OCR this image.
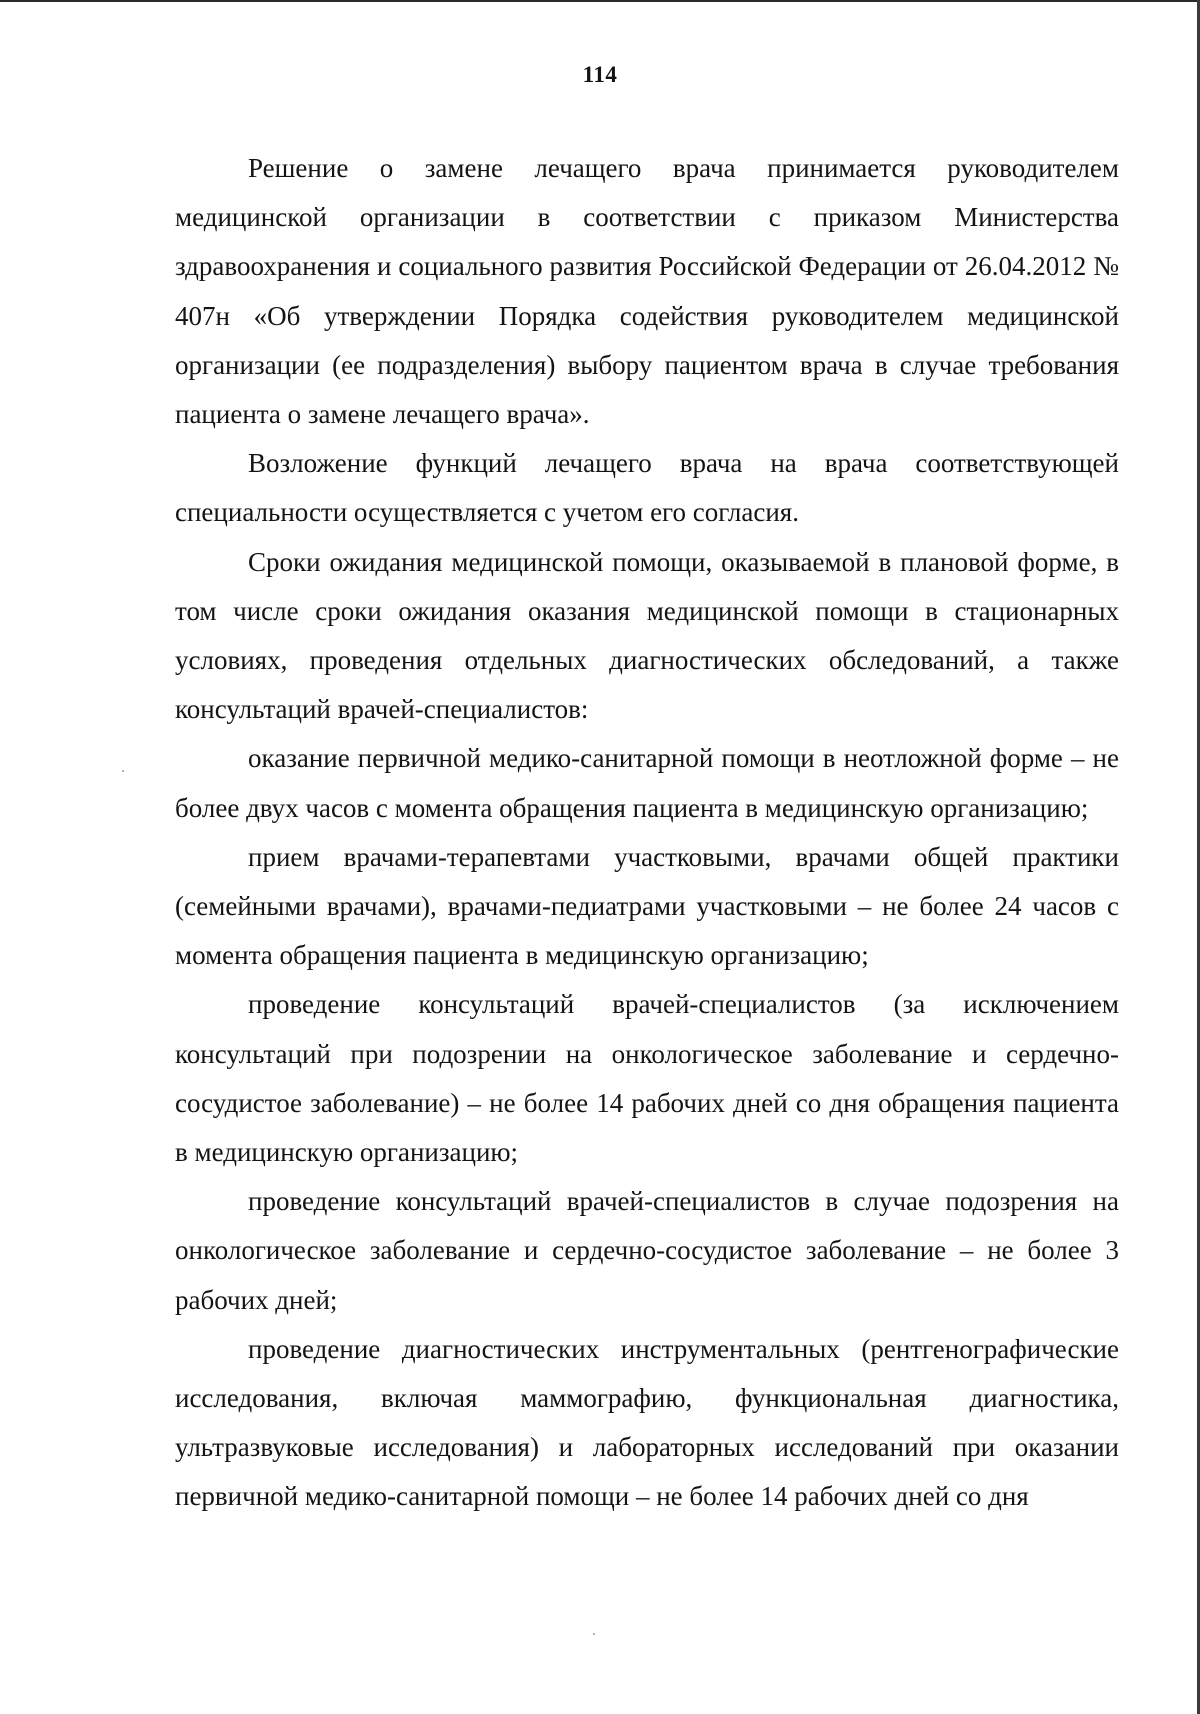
114

Решение о замене лечащего врача принимается руководителем медицинской организации в соответствии с приказом Министерства здравоохранения и социального развития Российской Федерации от 26.04.2012 № 407н «Об утверждении Порядка содействия руководителем медицинской организации (ее подразделения) выбору пациентом врача в случае требования пациента о замене лечащего врача».

Возложение функций лечащего врача на врача соответствующей специальности осуществляется с учетом его согласия.

Сроки ожидания медицинской помощи, оказываемой в плановой форме, в том числе сроки ожидания оказания медицинской помощи в стационарных условиях, проведения отдельных диагностических обследований, а также консультаций врачей-специалистов:

оказание первичной медико-санитарной помощи в неотложной форме – не более двух часов с момента обращения пациента в медицинскую организацию;

прием врачами-терапевтами участковыми, врачами общей практики (семейными врачами), врачами-педиатрами участковыми – не более 24 часов с момента обращения пациента в медицинскую организацию;

проведение консультаций врачей-специалистов (за исключением консультаций при подозрении на онкологическое заболевание и сердечно-сосудистое заболевание) – не более 14 рабочих дней со дня обращения пациента в медицинскую организацию;

проведение консультаций врачей-специалистов в случае подозрения на онкологическое заболевание и сердечно-сосудистое заболевание – не более 3 рабочих дней;

проведение диагностических инструментальных (рентгенографические исследования, включая маммографию, функциональная диагностика, ультразвуковые исследования) и лабораторных исследований при оказании первичной медико-санитарной помощи – не более 14 рабочих дней со дня
